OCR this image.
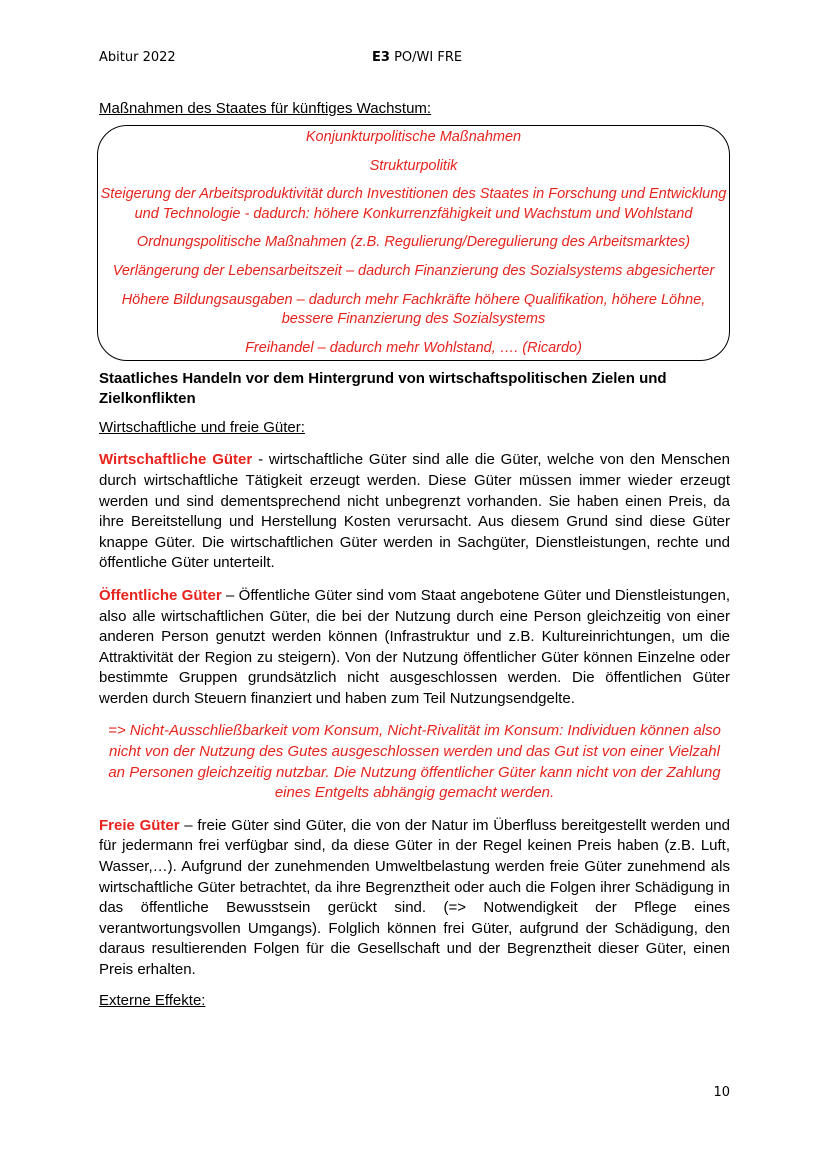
Abitur 2022	E3 PO/WI FRE

Maßnahmen des Staates für künftiges Wachstum:

Konjunkturpolitische Maßnahmen

Strukturpolitik

Steigerung der Arbeitsproduktivität durch Investitionen des Staates in Forschung und Entwicklung und Technologie - dadurch: höhere Konkurrenzfähigkeit und Wachstum und Wohlstand

Ordnungspolitische Maßnahmen (z.B. Regulierung/Deregulierung des Arbeitsmarktes)

Verlängerung der Lebensarbeitszeit – dadurch Finanzierung des Sozialsystems abgesicherter

Höhere Bildungsausgaben – dadurch mehr Fachkräfte höhere Qualifikation, höhere Löhne, bessere Finanzierung des Sozialsystems

Freihandel – dadurch mehr Wohlstand, …. (Ricardo)

Staatliches Handeln vor dem Hintergrund von wirtschaftspolitischen Zielen und Zielkonflikten

Wirtschaftliche und freie Güter:

Wirtschaftliche Güter - wirtschaftliche Güter sind alle die Güter, welche von den Menschen durch wirtschaftliche Tätigkeit erzeugt werden. Diese Güter müssen immer wieder erzeugt werden und sind dementsprechend nicht unbegrenzt vorhanden. Sie haben einen Preis, da ihre Bereitstellung und Herstellung Kosten verursacht. Aus diesem Grund sind diese Güter knappe Güter. Die wirtschaftlichen Güter werden in Sachgüter, Dienstleistungen, rechte und öffentliche Güter unterteilt.

Öffentliche Güter – Öffentliche Güter sind vom Staat angebotene Güter und Dienstleistungen, also alle wirtschaftlichen Güter, die bei der Nutzung durch eine Person gleichzeitig von einer anderen Person genutzt werden können (Infrastruktur und z.B. Kultureinrichtungen, um die Attraktivität der Region zu steigern). Von der Nutzung öffentlicher Güter können Einzelne oder bestimmte Gruppen grundsätzlich nicht ausgeschlossen werden. Die öffentlichen Güter werden durch Steuern finanziert und haben zum Teil Nutzungsendgelte.

=> Nicht-Ausschließbarkeit vom Konsum, Nicht-Rivalität im Konsum: Individuen können also nicht von der Nutzung des Gutes ausgeschlossen werden und das Gut ist von einer Vielzahl an Personen gleichzeitig nutzbar. Die Nutzung öffentlicher Güter kann nicht von der Zahlung eines Entgelts abhängig gemacht werden.

Freie Güter – freie Güter sind Güter, die von der Natur im Überfluss bereitgestellt werden und für jedermann frei verfügbar sind, da diese Güter in der Regel keinen Preis haben (z.B. Luft, Wasser,…). Aufgrund der zunehmenden Umweltbelastung werden freie Güter zunehmend als wirtschaftliche Güter betrachtet, da ihre Begrenztheit oder auch die Folgen ihrer Schädigung in das öffentliche Bewusstsein gerückt sind. (=> Notwendigkeit der Pflege eines verantwortungsvollen Umgangs). Folglich können frei Güter, aufgrund der Schädigung, den daraus resultierenden Folgen für die Gesellschaft und der Begrenztheit dieser Güter, einen Preis erhalten.

Externe Effekte:

10
